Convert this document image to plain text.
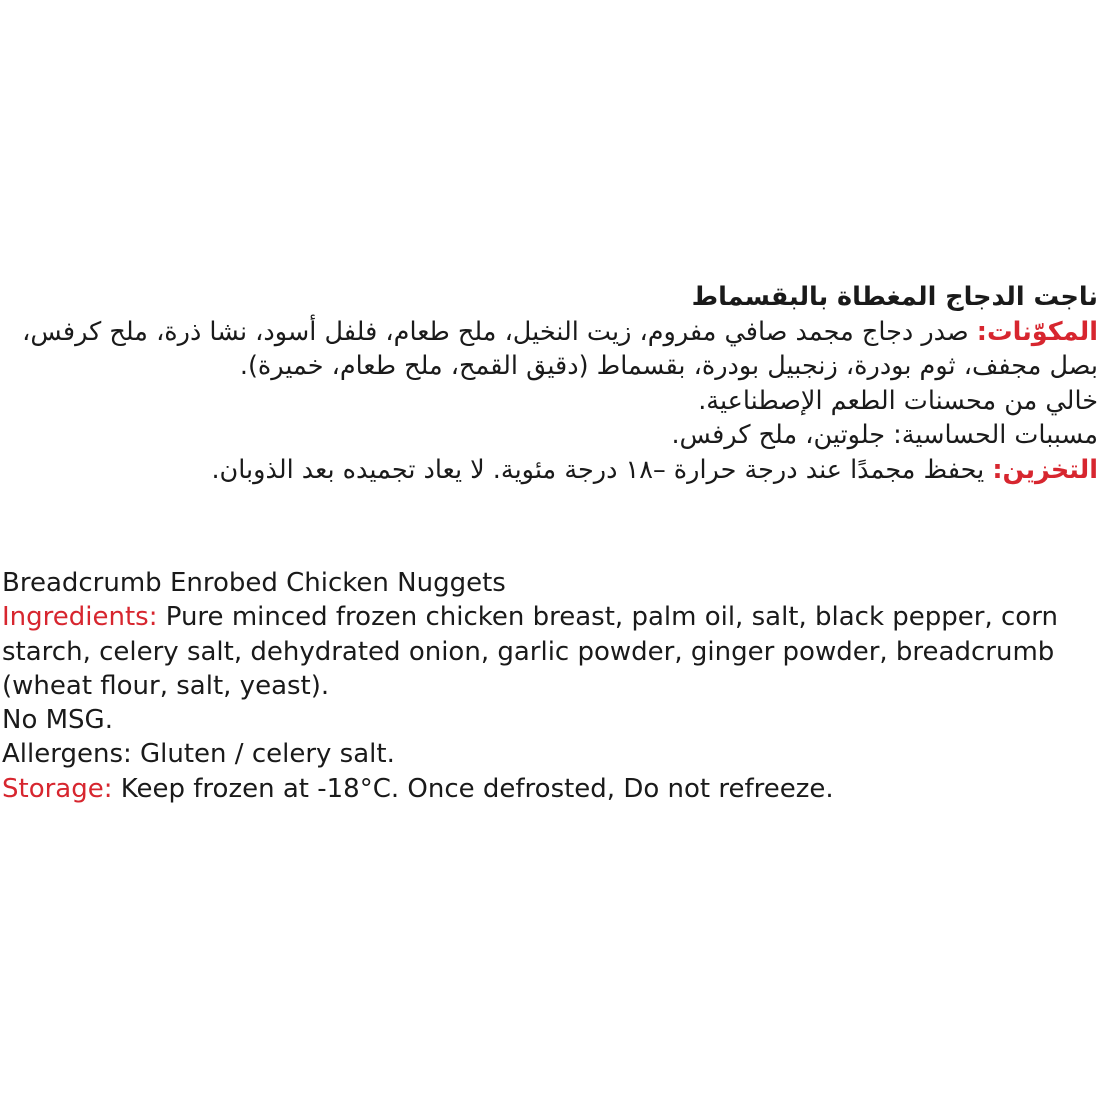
ناجت الدجاج المغطاة بالبقسماط
المكوّنات: صدر دجاج مجمد صافي مفروم، زيت النخيل، ملح طعام، فلفل أسود، نشا ذرة، ملح كرفس، بصل مجفف، ثوم بودرة، زنجبيل بودرة، بقسماط (دقيق القمح، ملح طعام، خميرة).
خالي من محسنات الطعم الإصطناعية.
مسببات الحساسية: جلوتين، ملح كرفس.
التخزين: يحفظ مجمدًا عند درجة حرارة –١٨ درجة مئوية. لا يعاد تجميده بعد الذوبان.
Breadcrumb Enrobed Chicken Nuggets
Ingredients: Pure minced frozen chicken breast, palm oil, salt, black pepper, corn starch, celery salt, dehydrated onion, garlic powder, ginger powder, breadcrumb (wheat flour, salt, yeast).
No MSG.
Allergens: Gluten / celery salt.
Storage: Keep frozen at -18°C. Once defrosted, Do not refreeze.
